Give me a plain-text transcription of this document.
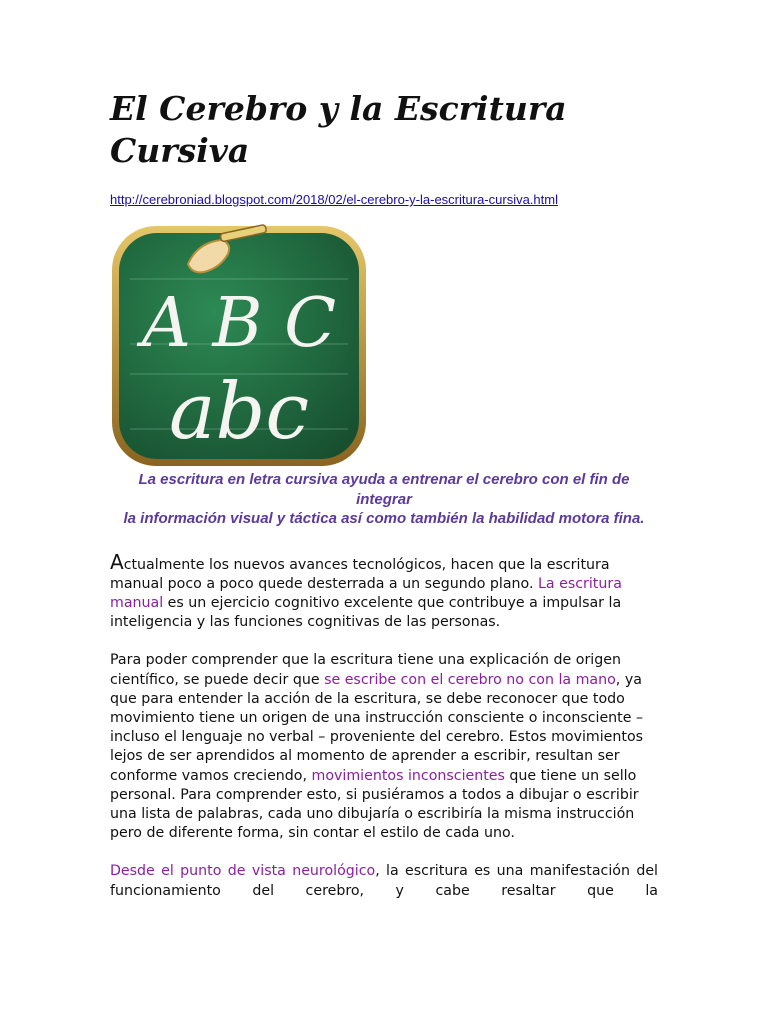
El Cerebro y la Escritura Cursiva
http://cerebroniad.blogspot.com/2018/02/el-cerebro-y-la-escritura-cursiva.html
A B C
abc
La escritura en letra cursiva ayuda a entrenar el cerebro con el fin de integrar
la información visual y táctica así como también la habilidad motora fina.

Actualmente los nuevos avances tecnológicos, hacen que la escritura manual poco a poco quede desterrada a un segundo plano. La escritura manual es un ejercicio cognitivo excelente que contribuye a impulsar la inteligencia y las funciones cognitivas de las personas.

Para poder comprender que la escritura tiene una explicación de origen científico, se puede decir que se escribe con el cerebro no con la mano, ya que para entender la acción de la escritura, se debe reconocer que todo movimiento tiene un origen de una instrucción consciente o inconsciente – incluso el lenguaje no verbal – proveniente del cerebro. Estos movimientos lejos de ser aprendidos al momento de aprender a escribir, resultan ser conforme vamos creciendo, movimientos inconscientes que tiene un sello personal. Para comprender esto, si pusiéramos a todos a dibujar o escribir una lista de palabras, cada uno dibujaría o escribiría la misma instrucción pero de diferente forma, sin contar el estilo de cada uno.

Desde el punto de vista neurológico, la escritura es una manifestación del funcionamiento del cerebro, y cabe resaltar que la
